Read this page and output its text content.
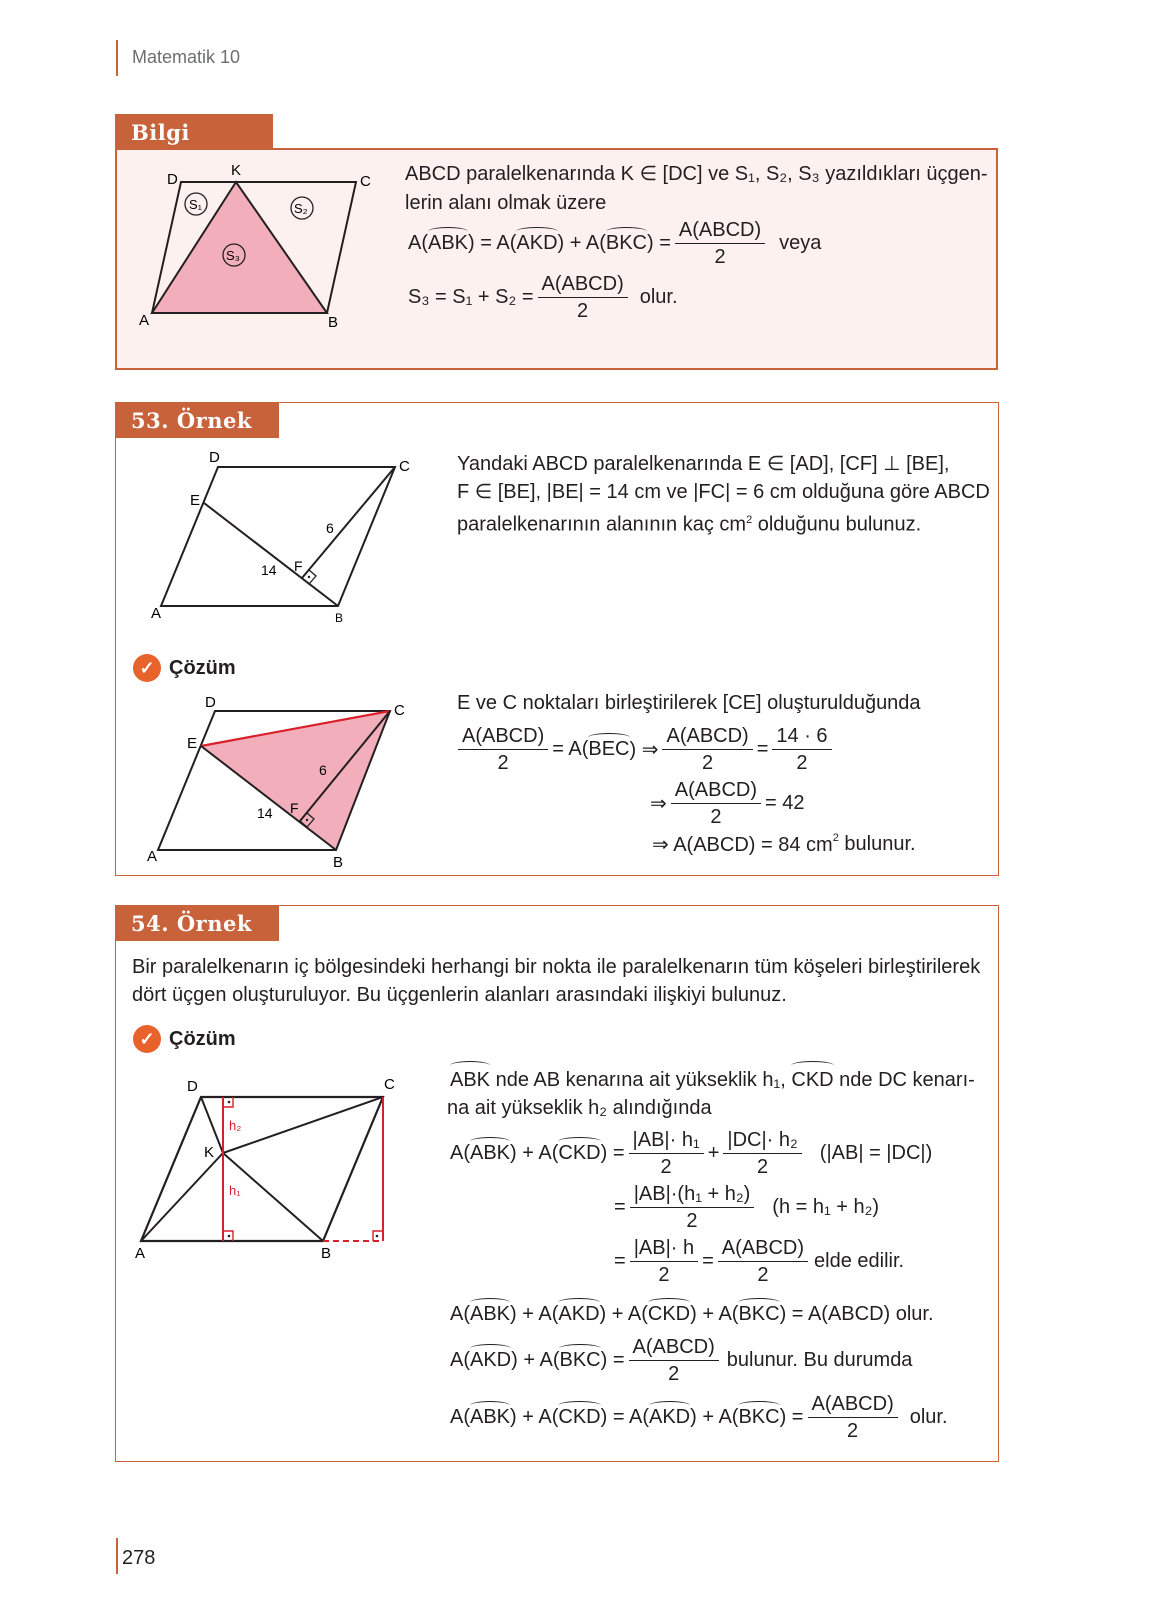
Matematik 10
Bilgi
S₁	S₂
S₃
D
K
C
A	B
ABCD paralelkenarında K ∈ [DC] ve S₁, S₂, S₃ yazıldıkları üçgen-
lerin alanı olmak üzere
A( ABK ) = A( AKD ) + A( BKC ) = $\frac{\text{A(ABCD)}}{2}$ veya
$S_3 = S_1 + S_2 = \frac{\text{A(ABCD)}}{2}$ olur.
53. Örnek
D
C
E
6
14 F
A	B
Yandaki ABCD paralelkenarında E ∈ [AD], [CF] ⊥ [BE],
F ∈ [BE], |BE| = 14 cm ve |FC| = 6 cm olduğuna göre ABCD
paralelkenarının alanının kaç $cm^2$ olduğunu bulunuz.
✓ Çözüm
D	C
E
6
14 F
A	B
E ve C noktaları birleştirilerek [CE] oluşturulduğunda
$\frac{\text{A(ABCD)}}{2} = A$( BEC ) ⇒ $\frac{\text{A(ABCD)}}{2} = \frac{14 \cdot 6}{2}$
⇒ $\frac{\text{A(ABCD)}}{2} = 42$
⇒ A(ABCD) = 84 $cm^2$ bulunur.
54. Örnek
Bir paralelkenarın iç bölgesindeki herhangi bir nokta ile paralelkenarın tüm köşeleri birleştirilerek
dört üçgen oluşturuluyor. Bu üçgenlerin alanları arasındaki ilişkiyi bulunuz.
✓ Çözüm
h₂
h₁
D	C
K
A	B
ABK nde AB kenarına ait yükseklik h₁, CKD nde DC kenarı-
na ait yükseklik h₂ alındığında
A( ABK ) + A( CKD ) = $\frac{\text{|AB|· h₁}}{2} + \frac{\text{|DC|· h₂}}{2} (|AB| = |DC|)$
= $\frac{\text{|AB|·(h₁ + h₂)}}{2} (h = h_1 + h_2)$
= $\frac{|AB|\cdot h}{2} = \frac{\text{A(ABCD)}}{2}$ elde edilir.
A( ABK ) + A( AKD ) + A( CKD ) + A( BKC ) = A(ABCD) olur.
A( AKD ) + A( BKC ) = $\frac{\text{A(ABCD)}}{2}$ bulunur. Bu durumda
A( ABK ) + A( CKD ) = A( AKD ) + A( BKC ) = $\frac{\text{A(ABCD)}}{2}$ olur.
278
